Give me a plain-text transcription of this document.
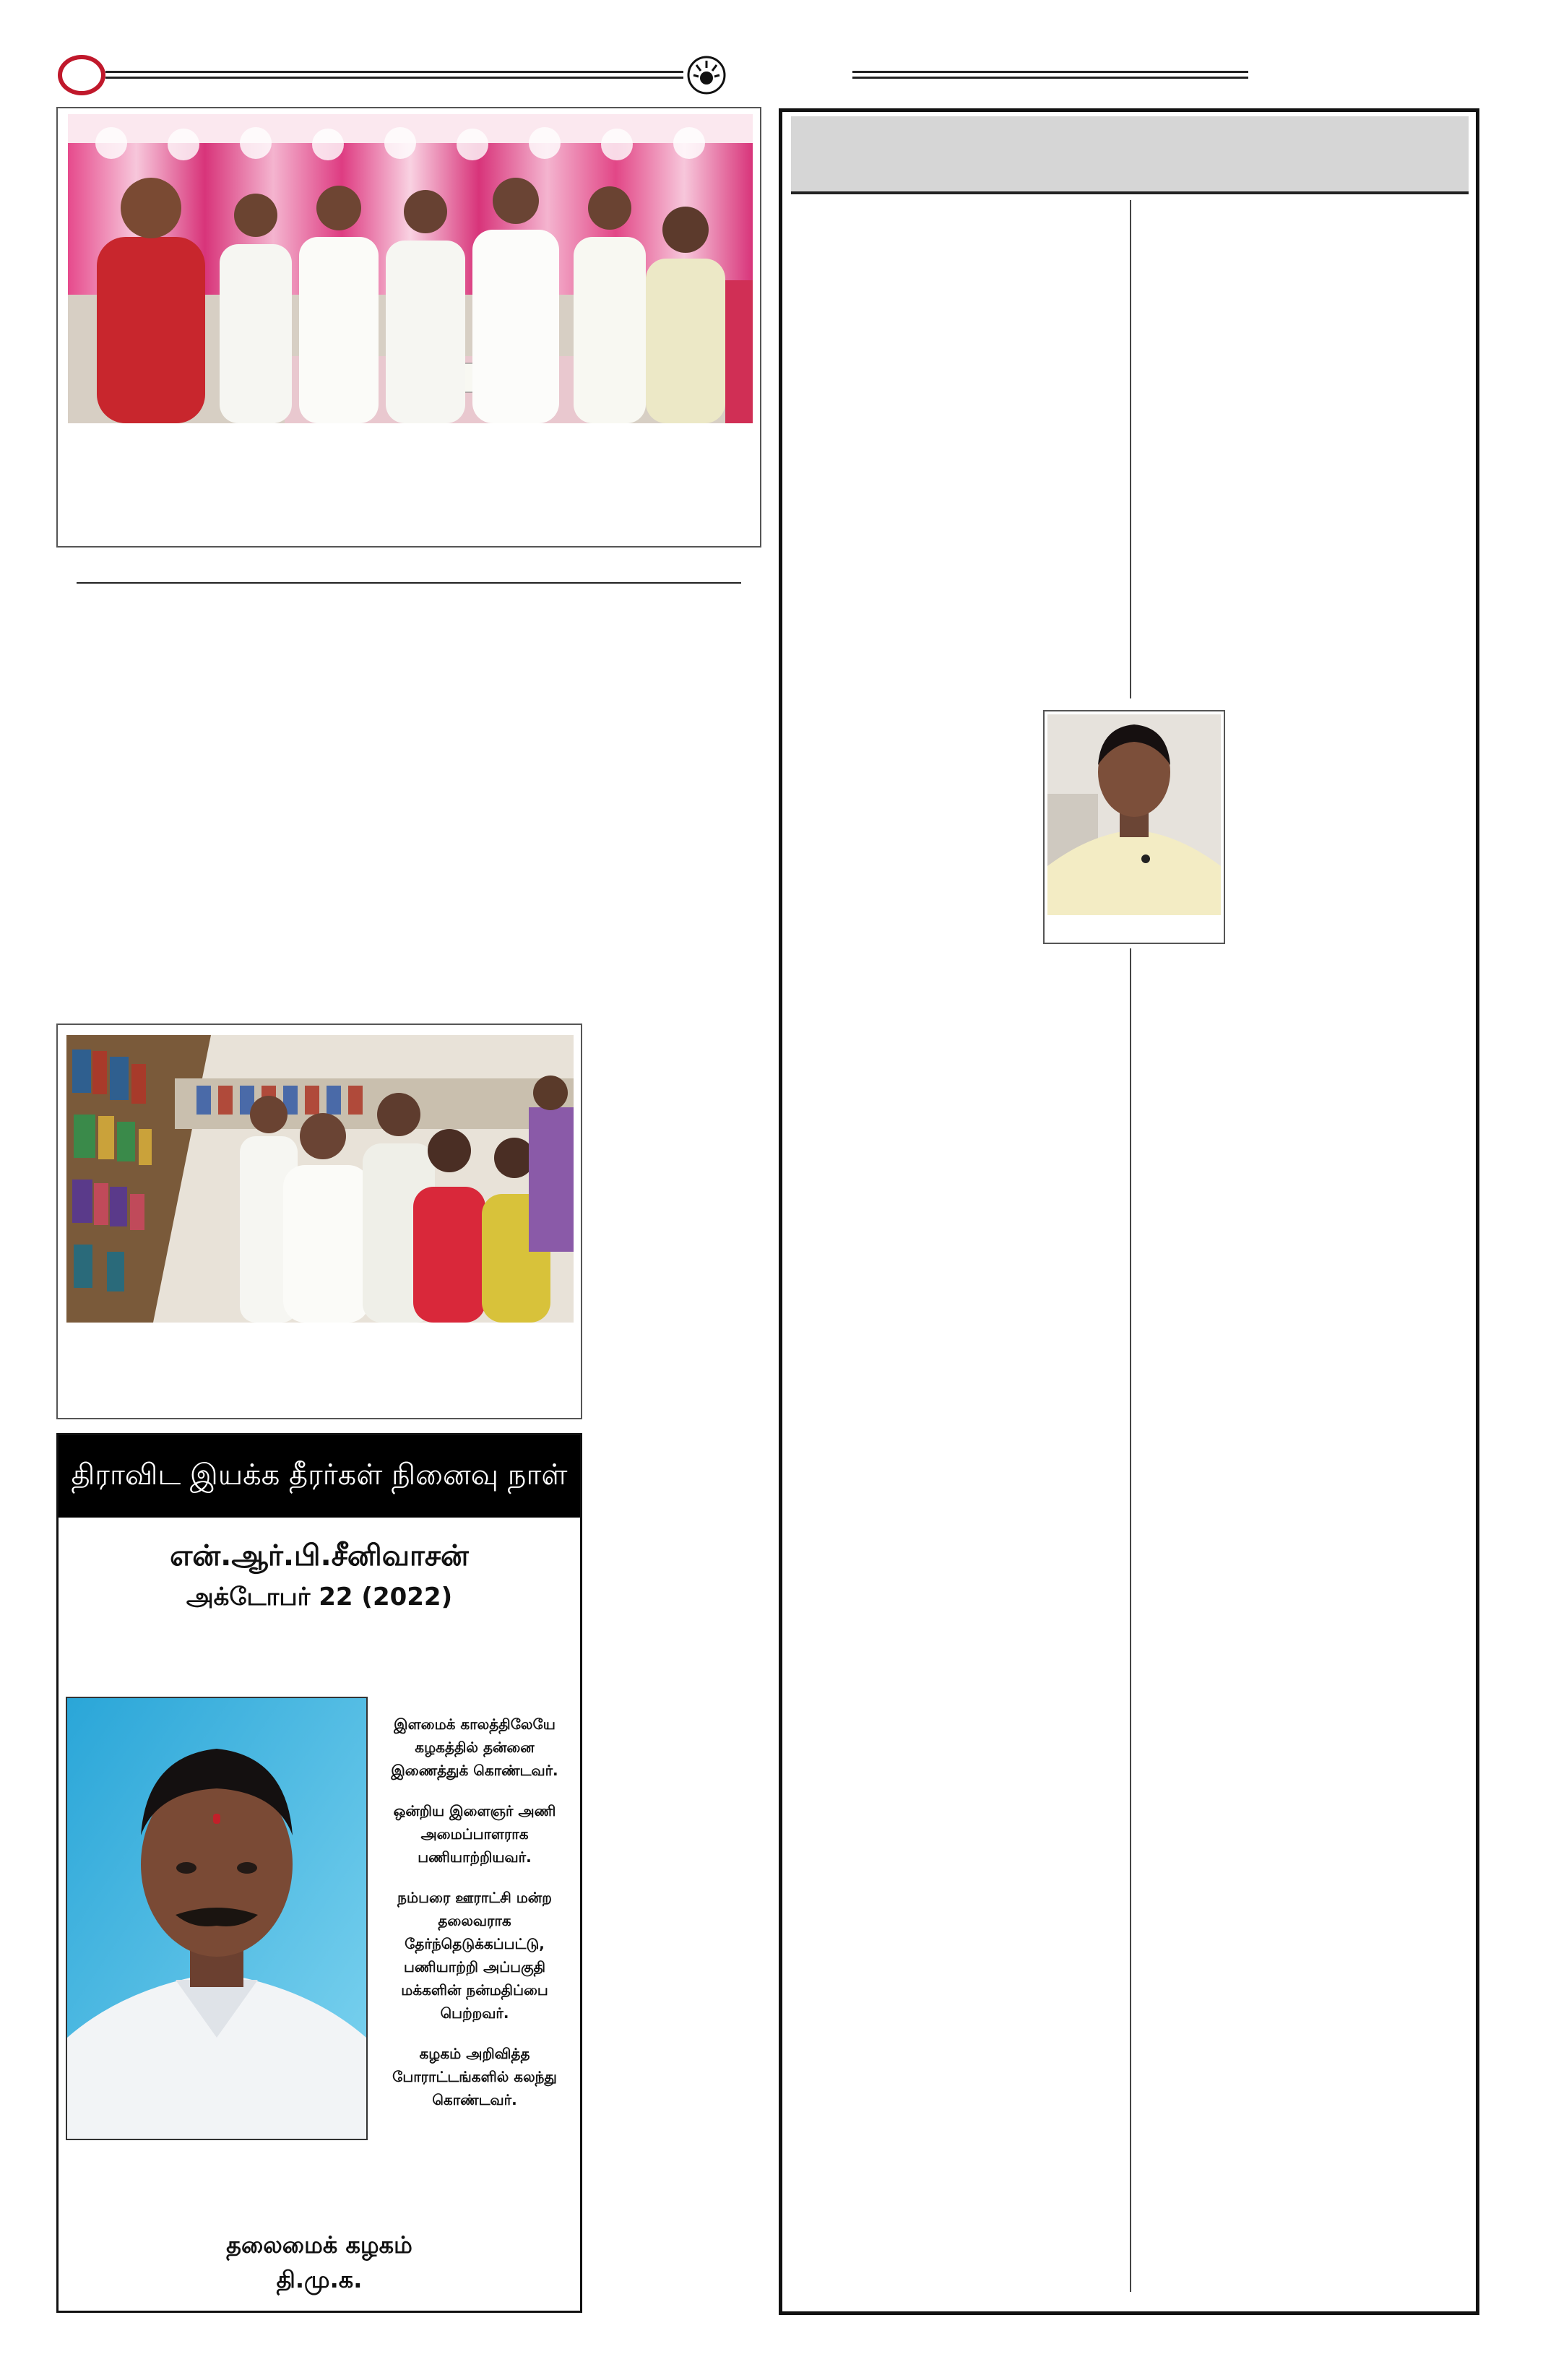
திராவிட இயக்க தீரர்கள் நினைவு நாள்
என்.ஆர்.பி.சீனிவாசன்
அக்டோபர் 22 (2022)

இளமைக் காலத்திலேயே கழகத்தில் தன்னை இணைத்துக் கொண்டவர்.

ஒன்றிய இளைஞர் அணி அமைப்பாளராக பணியாற்றியவர்.

நம்பரை ஊராட்சி மன்ற தலைவராக தேர்ந்தெடுக்கப்பட்டு, பணியாற்றி அப்பகுதி மக்களின் நன்மதிப்பை பெற்றவர்.

கழகம் அறிவித்த போராட்டங்களில் கலந்து கொண்டவர்.

தலைமைக் கழகம்
தி.மு.க.
